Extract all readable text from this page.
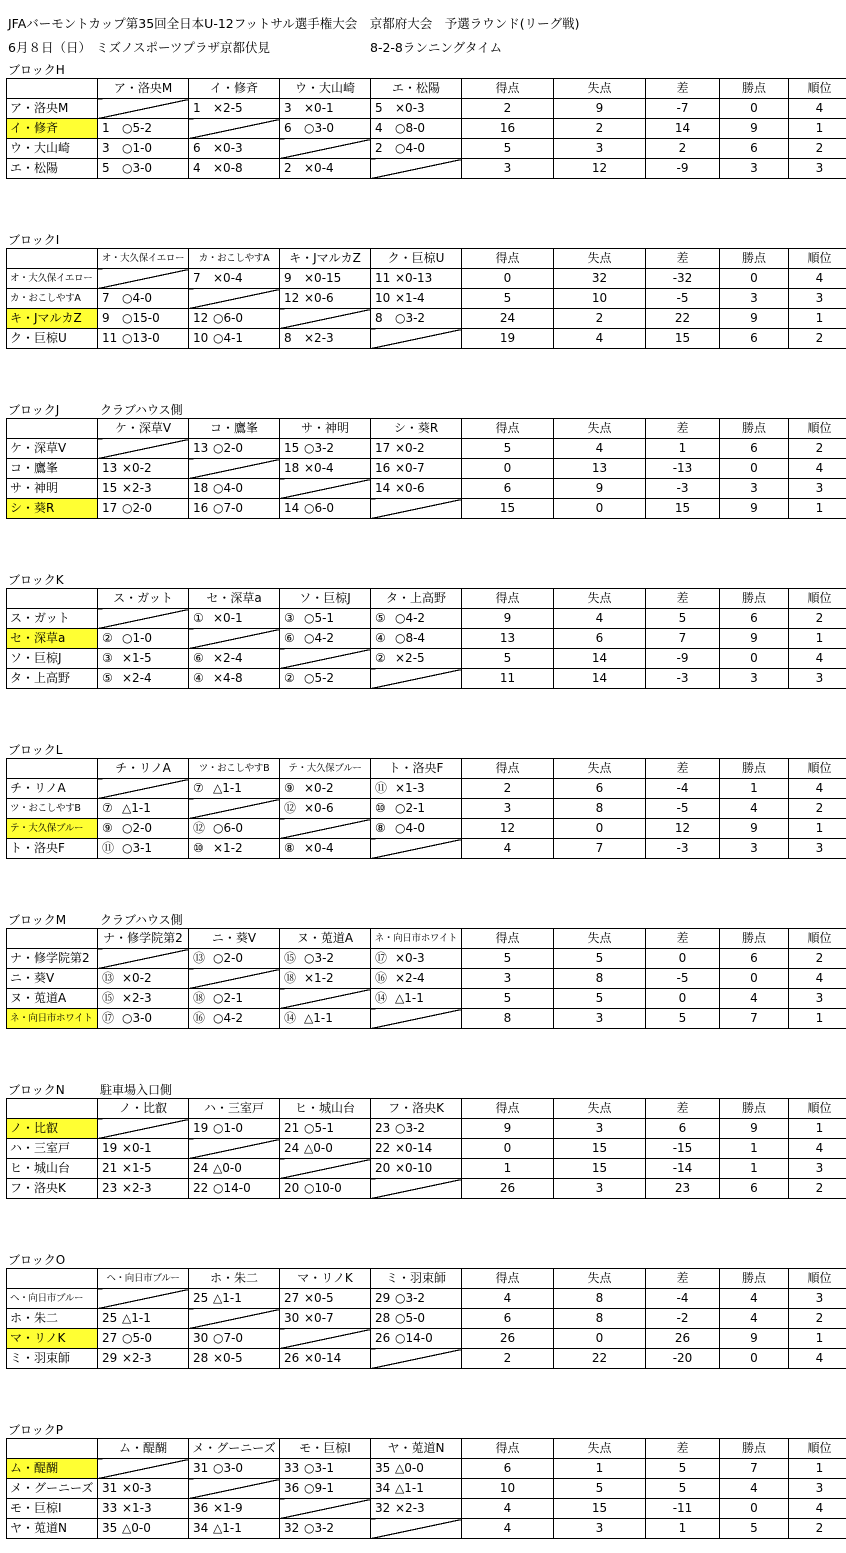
JFAバーモントカップ第35回全日本U-12フットサル選手権大会　京都府大会　予選ラウンド(リーグ戦)
6月８日（日） ミズノスポーツプラザ京都伏見	8-2-8ランニングタイム
ブロックH
	ア・洛央M	イ・修斉	ウ・大山崎	エ・松陽	得点	失点	差	勝点	順位
ア・洛央M		1 ×2-5	3 ×0-1	5 ×0-3	2	9	-7	0	4
イ・修斉	1 ○5-2		6 ○3-0	4 ○8-0	16	2	14	9	1
ウ・大山崎	3 ○1-0	6 ×0-3		2 ○4-0	5	3	2	6	2
エ・松陽	5 ○3-0	4 ×0-8	2 ×0-4		3	12	-9	3	3
ブロックI
	オ・大久保イエロー	カ・おこしやすA	キ・JマルカZ	ク・巨椋U	得点	失点	差	勝点	順位
オ・大久保イエロー		7 ×0-4	9 ×0-15	11 ×0-13	0	32	-32	0	4
カ・おこしやすA	7 ○4-0		12 ×0-6	10 ×1-4	5	10	-5	3	3
キ・JマルカZ	9 ○15-0	12 ○6-0		8 ○3-2	24	2	22	9	1
ク・巨椋U	11 ○13-0	10 ○4-1	8 ×2-3		19	4	15	6	2
ブロックJ	クラブハウス側
	ケ・深草V	コ・鷹峯	サ・神明	シ・葵R	得点	失点	差	勝点	順位
ケ・深草V		13 ○2-0	15 ○3-2	17 ×0-2	5	4	1	6	2
コ・鷹峯	13 ×0-2		18 ×0-4	16 ×0-7	0	13	-13	0	4
サ・神明	15 ×2-3	18 ○4-0		14 ×0-6	6	9	-3	3	3
シ・葵R	17 ○2-0	16 ○7-0	14 ○6-0		15	0	15	9	1
ブロックK
	ス・ガット	セ・深草a	ソ・巨椋J	タ・上高野	得点	失点	差	勝点	順位
ス・ガット		① ×0-1	③ ○5-1	⑤ ○4-2	9	4	5	6	2
セ・深草a	② ○1-0		⑥ ○4-2	④ ○8-4	13	6	7	9	1
ソ・巨椋J	③ ×1-5	⑥ ×2-4		② ×2-5	5	14	-9	0	4
タ・上高野	⑤ ×2-4	④ ×4-8	② ○5-2		11	14	-3	3	3
ブロックL
	チ・リノA	ツ・おこしやすB	テ・大久保ブルー	ト・洛央F	得点	失点	差	勝点	順位
チ・リノA		⑦ △1-1	⑨ ×0-2	⑪ ×1-3	2	6	-4	1	4
ツ・おこしやすB	⑦ △1-1		⑫ ×0-6	⑩ ○2-1	3	8	-5	4	2
テ・大久保ブルー	⑨ ○2-0	⑫ ○6-0		⑧ ○4-0	12	0	12	9	1
ト・洛央F	⑪ ○3-1	⑩ ×1-2	⑧ ×0-4		4	7	-3	3	3
ブロックM	クラブハウス側
	ナ・修学院第2	ニ・葵V	ヌ・莵道A	ネ・向日市ホワイト	得点	失点	差	勝点	順位
ナ・修学院第2		⑬ ○2-0	⑮ ○3-2	⑰ ×0-3	5	5	0	6	2
ニ・葵V	⑬ ×0-2		⑱ ×1-2	⑯ ×2-4	3	8	-5	0	4
ヌ・莵道A	⑮ ×2-3	⑱ ○2-1		⑭ △1-1	5	5	0	4	3
ネ・向日市ホワイト	⑰ ○3-0	⑯ ○4-2	⑭ △1-1		8	3	5	7	1
ブロックN	駐車場入口側
	ノ・比叡	ハ・三室戸	ヒ・城山台	フ・洛央K	得点	失点	差	勝点	順位
ノ・比叡		19 ○1-0	21 ○5-1	23 ○3-2	9	3	6	9	1
ハ・三室戸	19 ×0-1		24 △0-0	22 ×0-14	0	15	-15	1	4
ヒ・城山台	21 ×1-5	24 △0-0		20 ×0-10	1	15	-14	1	3
フ・洛央K	23 ×2-3	22 ○14-0	20 ○10-0		26	3	23	6	2
ブロックO
	ヘ・向日市ブルー	ホ・朱二	マ・リノK	ミ・羽束師	得点	失点	差	勝点	順位
ヘ・向日市ブルー		25 △1-1	27 ×0-5	29 ○3-2	4	8	-4	4	3
ホ・朱二	25 △1-1		30 ×0-7	28 ○5-0	6	8	-2	4	2
マ・リノK	27 ○5-0	30 ○7-0		26 ○14-0	26	0	26	9	1
ミ・羽束師	29 ×2-3	28 ×0-5	26 ×0-14		2	22	-20	0	4
ブロックP
	ム・醍醐	メ・グーニーズ	モ・巨椋I	ヤ・莵道N	得点	失点	差	勝点	順位
ム・醍醐		31 ○3-0	33 ○3-1	35 △0-0	6	1	5	7	1
メ・グーニーズ	31 ×0-3		36 ○9-1	34 △1-1	10	5	5	4	3
モ・巨椋I	33 ×1-3	36 ×1-9		32 ×2-3	4	15	-11	0	4
ヤ・莵道N	35 △0-0	34 △1-1	32 ○3-2		4	3	1	5	2
